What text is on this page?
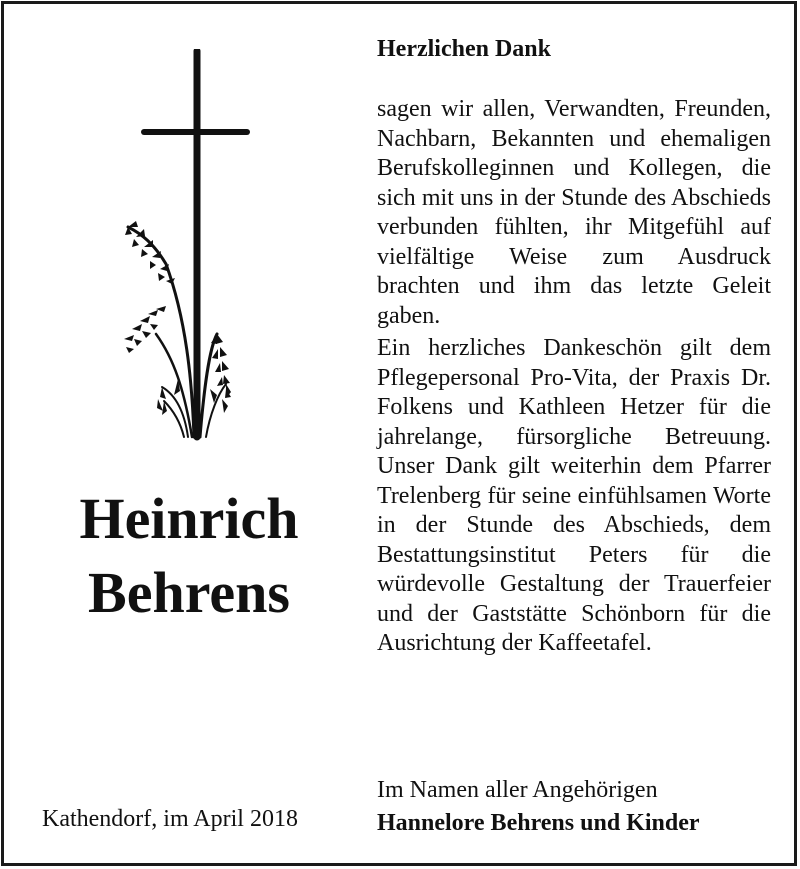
Heinrich
Behrens
Kathendorf, im April 2018
Herzlichen Dank

sagen wir allen, Verwandten, Freunden, Nachbarn, Bekannten und ehemaligen Berufskolleginnen und Kollegen, die sich mit uns in der Stunde des Abschieds verbunden fühlten, ihr Mitgefühl auf vielfältige Weise zum Ausdruck brachten und ihm das letzte Geleit gaben.

Ein herzliches Dankeschön gilt dem Pflegepersonal Pro-Vita, der Praxis Dr. Folkens und Kathleen Hetzer für die jahrelange, fürsorgliche Betreuung. Unser Dank gilt weiterhin dem Pfarrer Trelenberg für seine einfühlsamen Worte in der Stunde des Abschieds, dem Bestattungsinstitut Peters für die würdevolle Gestaltung der Trauerfeier und der Gaststätte Schönborn für die Ausrichtung der Kaffeetafel.

Im Namen aller Angehörigen
Hannelore Behrens und Kinder
